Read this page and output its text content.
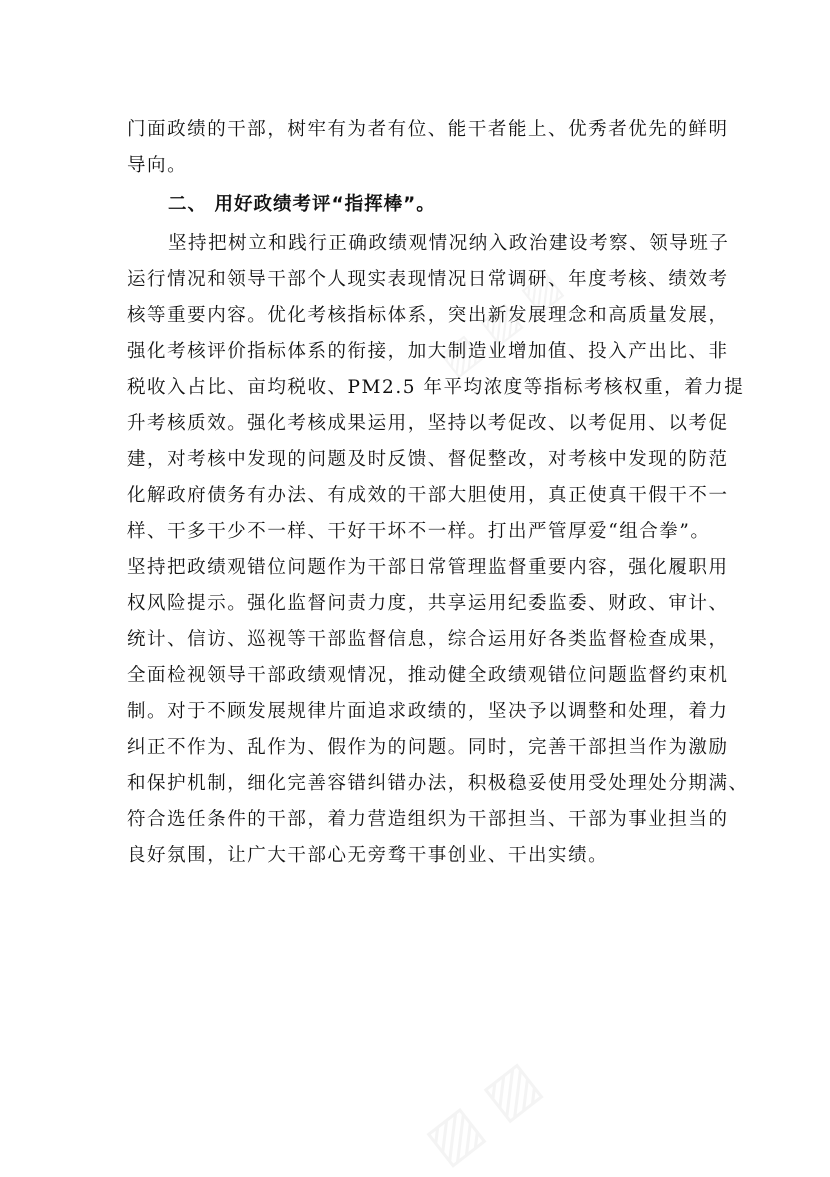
门面政绩的干部，树牢有为者有位、能干者能上、优秀者优先的鲜明
导向。
二、 用好政绩考评“指挥棒”。
坚持把树立和践行正确政绩观情况纳入政治建设考察、领导班子
运行情况和领导干部个人现实表现情况日常调研、年度考核、绩效考
核等重要内容。优化考核指标体系，突出新发展理念和高质量发展，
强化考核评价指标体系的衔接，加大制造业增加值、投入产出比、非
税收入占比、亩均税收、PM2.5 年平均浓度等指标考核权重，着力提
升考核质效。强化考核成果运用，坚持以考促改、以考促用、以考促
建，对考核中发现的问题及时反馈、督促整改，对考核中发现的防范
化解政府债务有办法、有成效的干部大胆使用，真正使真干假干不一
样、干多干少不一样、干好干坏不一样。打出严管厚爱“组合拳”。
坚持把政绩观错位问题作为干部日常管理监督重要内容，强化履职用
权风险提示。强化监督问责力度，共享运用纪委监委、财政、审计、
统计、信访、巡视等干部监督信息，综合运用好各类监督检查成果，
全面检视领导干部政绩观情况，推动健全政绩观错位问题监督约束机
制。对于不顾发展规律片面追求政绩的，坚决予以调整和处理，着力
纠正不作为、乱作为、假作为的问题。同时，完善干部担当作为激励
和保护机制，细化完善容错纠错办法，积极稳妥使用受处理处分期满、
符合选任条件的干部，着力营造组织为干部担当、干部为事业担当的
良好氛围，让广大干部心无旁骛干事创业、干出实绩。
